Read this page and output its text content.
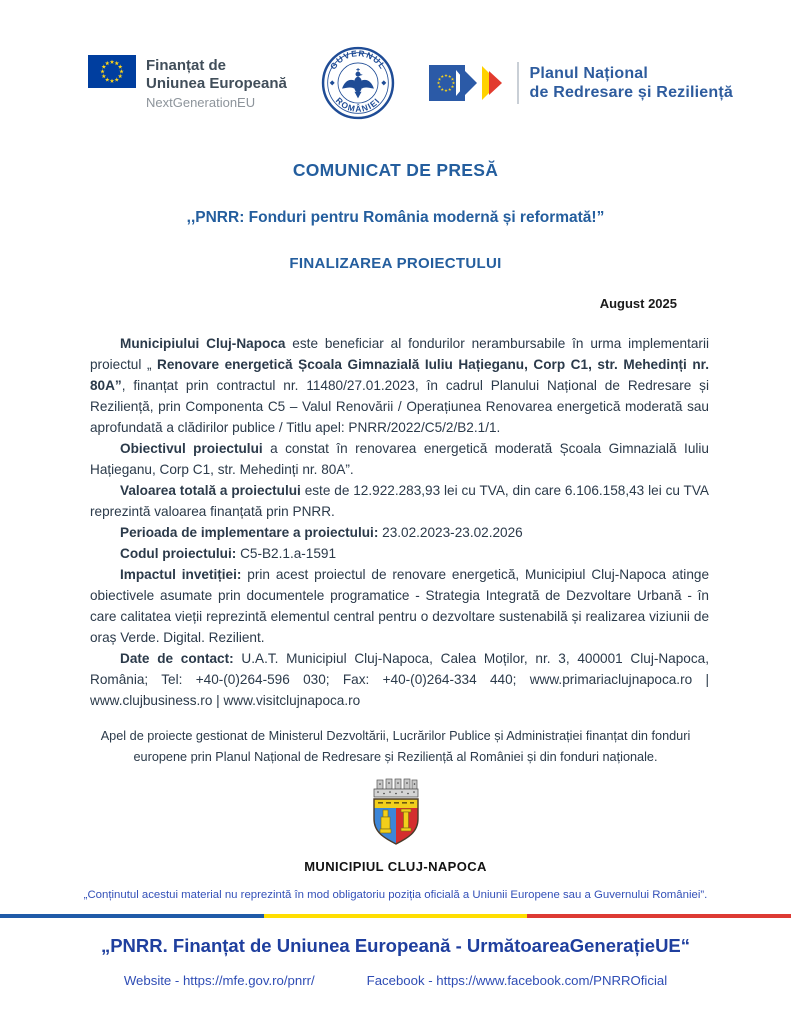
Finanțat de
Uniunea Europeană
NextGenerationEU
GUVERNUL
ROMÂNIEI
Planul Național
de Redresare și Reziliență
COMUNICAT DE PRESĂ
,,PNRR: Fonduri pentru România modernă și reformată!”
FINALIZAREA PROIECTULUI
August 2025

Municipiului Cluj-Napoca este beneficiar al fondurilor nerambursabile în urma implementarii proiectul „ Renovare energetică Școala Gimnazială Iuliu Hațieganu, Corp C1, str. Mehedinți nr. 80A”, finanțat prin contractul nr. 11480/27.01.2023, în cadrul Planului Național de Redresare și Reziliență, prin Componenta C5 – Valul Renovării / Operațiunea Renovarea energetică moderată sau aprofundată a clădirilor publice / Titlu apel: PNRR/2022/C5/2/B2.1/1.

Obiectivul proiectului a constat în renovarea energetică moderată Școala Gimnazială Iuliu Hațieganu, Corp C1, str. Mehedinți nr. 80A”.

Valoarea totală a proiectului este de 12.922.283,93 lei cu TVA, din care 6.106.158,43 lei cu TVA reprezintă valoarea finanțată prin PNRR.

Perioada de implementare a proiectului: 23.02.2023-23.02.2026

Codul proiectului: C5-B2.1.a-1591

Impactul invetiției: prin acest proiectul de renovare energetică, Municipiul Cluj-Napoca atinge obiectivele asumate prin documentele programatice - Strategia Integrată de Dezvoltare Urbană - în care calitatea vieții reprezintă elementul central pentru o dezvoltare sustenabilă și realizarea viziunii de oraș Verde. Digital. Rezilient.

Date de contact: U.A.T. Municipiul Cluj-Napoca, Calea Moților, nr. 3, 400001 Cluj-Napoca, România; Tel: +40-(0)264-596 030; Fax: +40-(0)264-334 440; www.primariaclujnapoca.ro | www.clujbusiness.ro | www.visitclujnapoca.ro

Apel de proiecte gestionat de Ministerul Dezvoltării, Lucrărilor Publice și Administrației finanțat din fonduri europene prin Planul Național de Redresare și Reziliență al României și din fonduri naționale.

MUNICIPIUL CLUJ-NAPOCA
„Conținutul acestui material nu reprezintă în mod obligatoriu poziția oficială a Uniunii Europene sau a Guvernului României”.
„PNRR. Finanțat de Uniunea Europeană - UrmătoareaGenerațieUE“
Website - https://mfe.gov.ro/pnrr/	Facebook - https://www.facebook.com/PNRROficial
